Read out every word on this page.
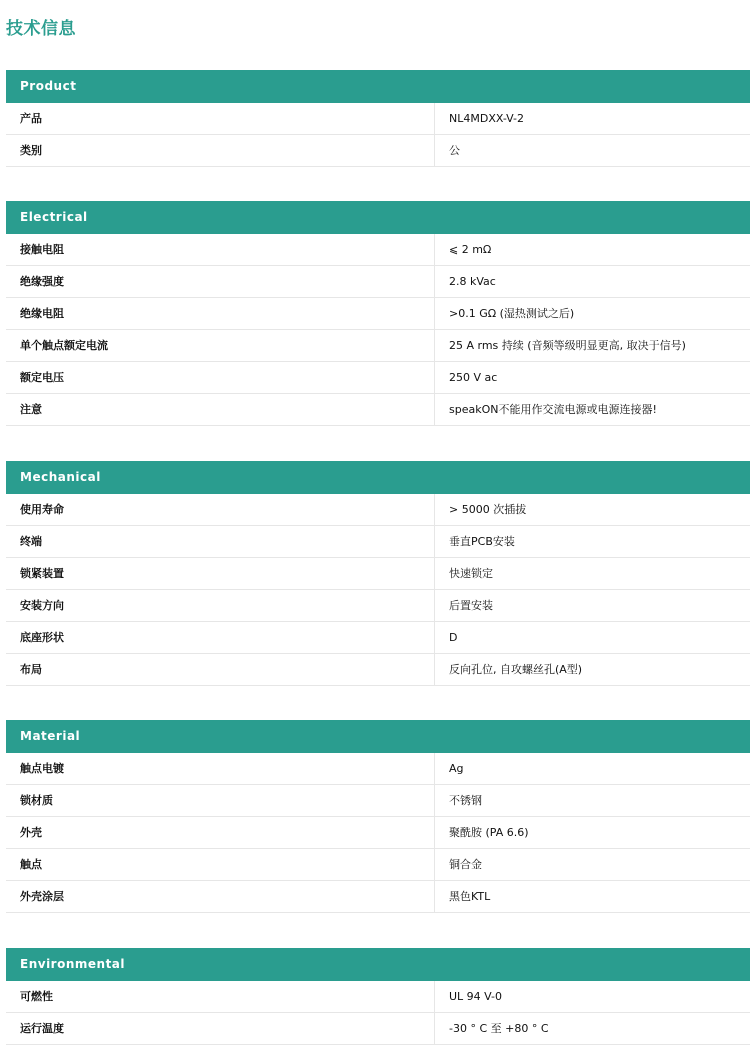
技术信息
Product
产品	NL4MDXX-V-2
类别	公
Electrical
接触电阻	⩽ 2 mΩ
绝缘强度	2.8 kVac
绝缘电阻	>0.1 GΩ (湿热测试之后)
单个触点额定电流	25 A rms 持续 (音频等级明显更高, 取决于信号)
额定电压	250 V ac
注意	speakON不能用作交流电源或电源连接器!
Mechanical
使用寿命	> 5000 次插拔
终端	垂直PCB安装
锁紧装置	快速锁定
安装方向	后置安装
底座形状	D
布局	反向孔位, 自攻螺丝孔(A型)
Material
触点电镀	Ag
锁材质	不锈钢
外壳	聚酰胺 (PA 6.6)
触点	铜合金
外壳涂层	黑色KTL
Environmental
可燃性	UL 94 V-0
运行温度	-30 ° C 至 +80 ° C
